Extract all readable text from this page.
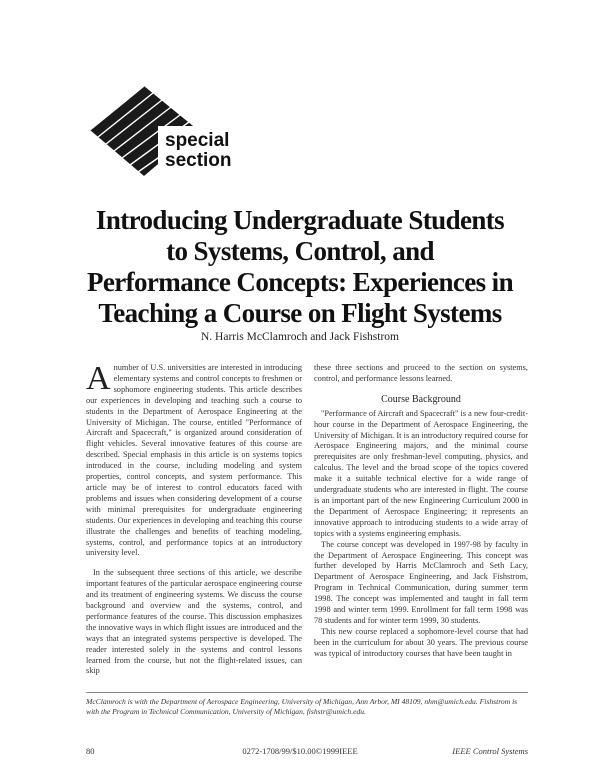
special
section
Introducing Undergraduate Students
to Systems, Control, and
Performance Concepts: Experiences in
Teaching a Course on Flight Systems
N. Harris McClamroch and Jack Fishstrom

Anumber of U.S. universities are interested in introducing elementary systems and control concepts to freshmen or sophomore engineering students. This article describes our experiences in developing and teaching such a course to students in the Department of Aerospace Engineering at the University of Michigan. The course, entitled "Performance of Aircraft and Spacecraft," is organized around consideration of flight vehicles. Several innovative features of this course are described. Special emphasis in this article is on systems topics introduced in the course, including modeling and system properties, control concepts, and system performance. This article may be of interest to control educators faced with problems and issues when considering development of a course with minimal prerequisites for undergraduate engineering students. Our experiences in developing and teaching this course illustrate the challenges and benefits of teaching modeling, systems, control, and performance topics at an introductory university level.

In the subsequent three sections of this article, we describe important features of the particular aerospace engineering course and its treatment of engineering systems. We discuss the course background and overview and the systems, control, and performance features of the course. This discussion emphasizes the innovative ways in which flight issues are introduced and the ways that an integrated systems perspective is developed. The reader interested solely in the systems and control lessons learned from the course, but not the flight-related issues, can skip

these three sections and proceed to the section on systems, control, and performance lessons learned.

Course Background

"Performance of Aircraft and Spacecraft" is a new four-credit-hour course in the Department of Aerospace Engineering, the University of Michigan. It is an introductory required course for Aerospace Engineering majors, and the minimal course prerequisites are only freshman-level computing, physics, and calculus. The level and the broad scope of the topics covered make it a suitable technical elective for a wide range of undergraduate students who are interested in flight. The course is an important part of the new Engineering Curriculum 2000 in the Department of Aerospace Engineering; it represents an innovative approach to introducing students to a wide array of topics with a systems engineering emphasis.

The course concept was developed in 1997-98 by faculty in the Department of Aerospace Engineering. This concept was further developed by Harris McClamroch and Seth Lacy, Department of Aerospace Engineering, and Jack Fishstrom, Program in Technical Communication, during summer term 1998. The concept was implemented and taught in fall term 1998 and winter term 1999. Enrollment for fall term 1998 was 78 students and for winter term 1999, 30 students.

This new course replaced a sophomore-level course that had been in the curriculum for about 30 years. The previous course was typical of introductory courses that have been taught in

McClamroch is with the Department of Aerospace Engineering, University of Michigan, Ann Arbor, MI 48109, nhm@umich.edu. Fishstrom is with the Program in Technical Communication, University of Michigan, fishstr@umich.edu.
80	0272-1708/99/$10.00©1999IEEE	IEEE Control Systems
